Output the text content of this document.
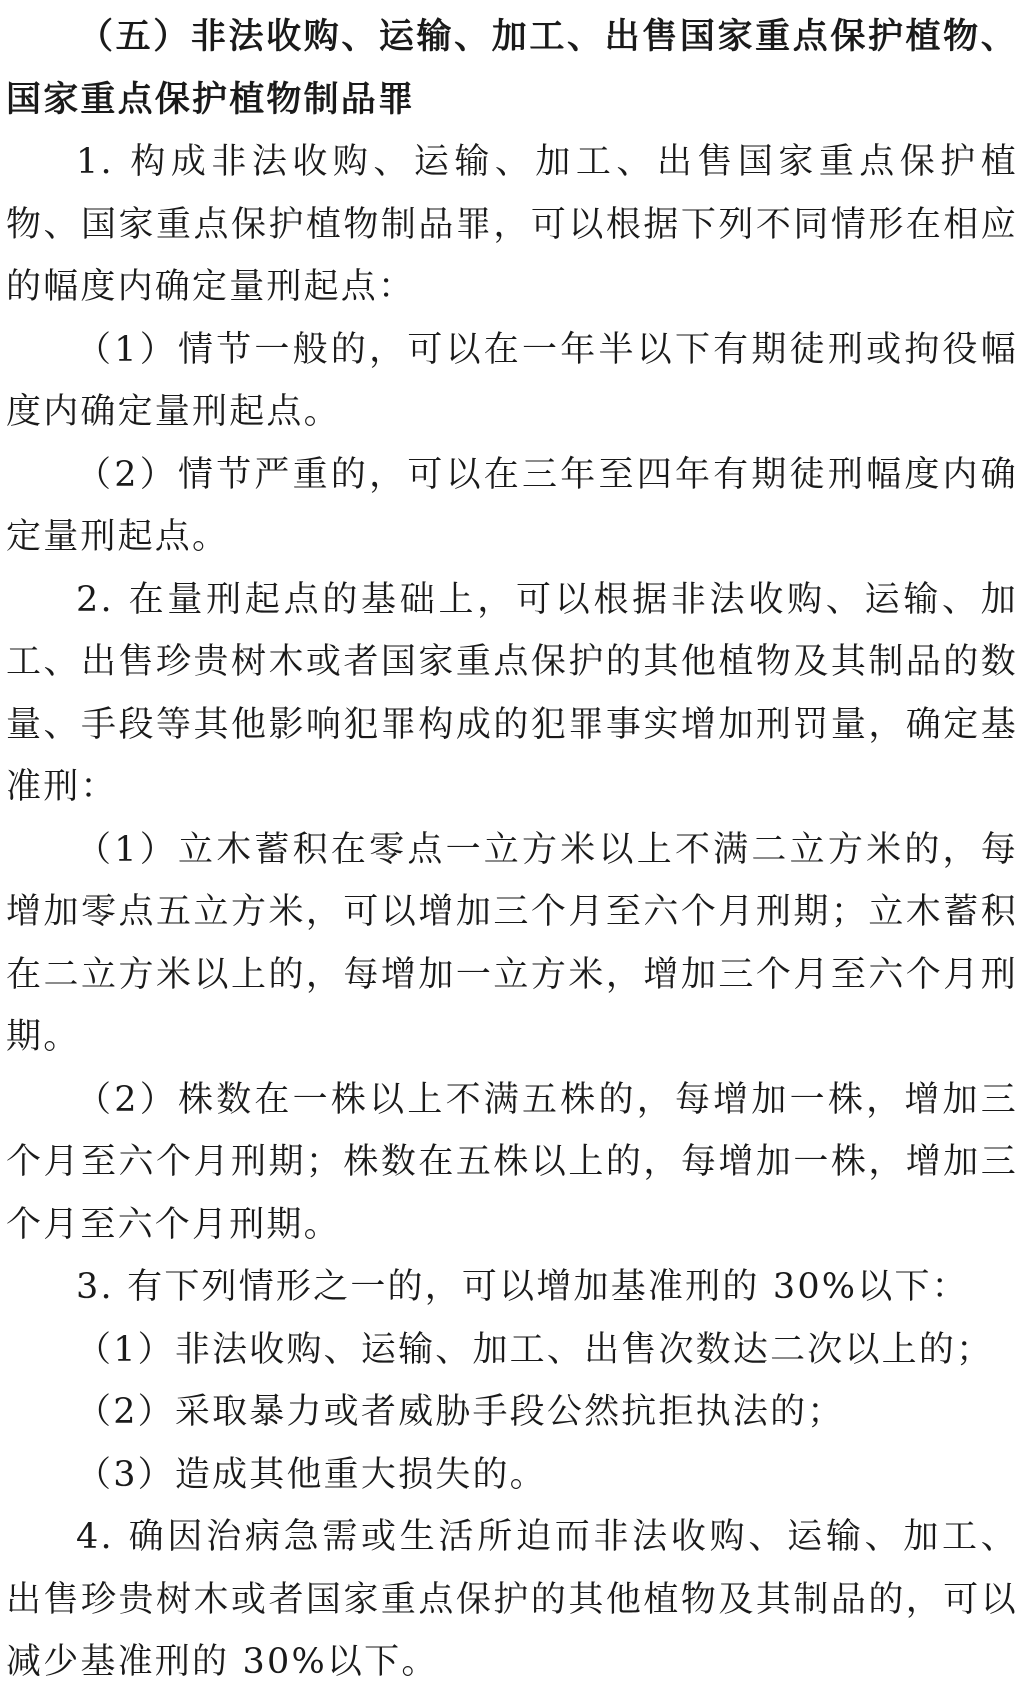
（五）非法收购、运输、加工、出售国家重点保护植物、国家重点保护植物制品罪

1. 构成非法收购、运输、加工、出售国家重点保护植物、国家重点保护植物制品罪，可以根据下列不同情形在相应的幅度内确定量刑起点：

（1）情节一般的，可以在一年半以下有期徒刑或拘役幅度内确定量刑起点。

（2）情节严重的，可以在三年至四年有期徒刑幅度内确定量刑起点。

2. 在量刑起点的基础上，可以根据非法收购、运输、加工、出售珍贵树木或者国家重点保护的其他植物及其制品的数量、手段等其他影响犯罪构成的犯罪事实增加刑罚量，确定基准刑：

（1）立木蓄积在零点一立方米以上不满二立方米的，每增加零点五立方米，可以增加三个月至六个月刑期；立木蓄积在二立方米以上的，每增加一立方米，增加三个月至六个月刑期。

（2）株数在一株以上不满五株的，每增加一株，增加三个月至六个月刑期；株数在五株以上的，每增加一株，增加三个月至六个月刑期。

3. 有下列情形之一的，可以增加基准刑的 30%以下：

（1）非法收购、运输、加工、出售次数达二次以上的；

（2）采取暴力或者威胁手段公然抗拒执法的；

（3）造成其他重大损失的。

4. 确因治病急需或生活所迫而非法收购、运输、加工、出售珍贵树木或者国家重点保护的其他植物及其制品的，可以减少基准刑的 30%以下。
